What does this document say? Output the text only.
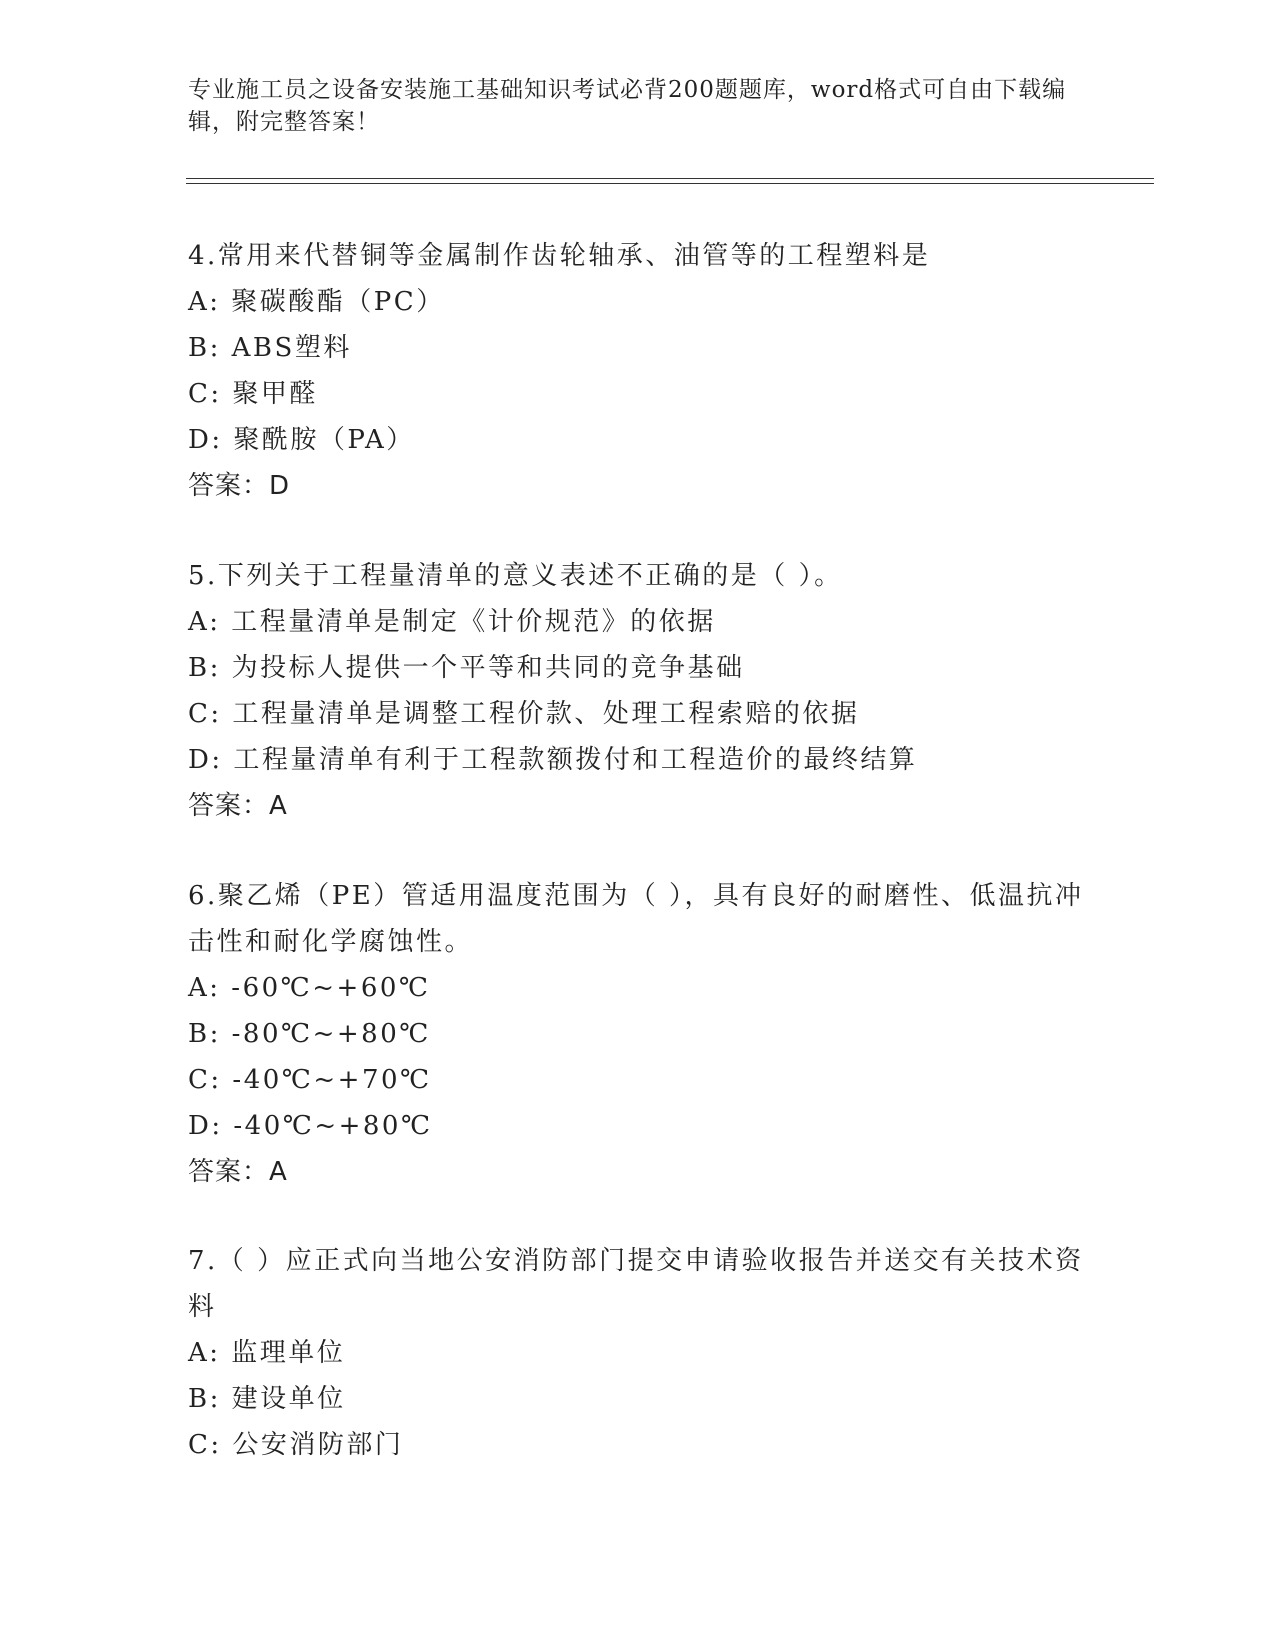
专业施工员之设备安装施工基础知识考试必背200题题库，word格式可自由下载编辑，附完整答案！

4.常用来代替铜等金属制作齿轮轴承、油管等的工程塑料是

A: 聚碳酸酯（PC）

B: ABS塑料

C: 聚甲醛

D: 聚酰胺（PA）

答案：D

5.下列关于工程量清单的意义表述不正确的是（ ）。

A: 工程量清单是制定《计价规范》的依据

B: 为投标人提供一个平等和共同的竞争基础

C: 工程量清单是调整工程价款、处理工程索赔的依据

D: 工程量清单有利于工程款额拨付和工程造价的最终结算

答案：A

6.聚乙烯（PE）管适用温度范围为（ ），具有良好的耐磨性、低温抗冲击性和耐化学腐蚀性。

A: -60℃~+60℃

B: -80℃~+80℃

C: -40℃~+70℃

D: -40℃~+80℃

答案：A

7.（ ）应正式向当地公安消防部门提交申请验收报告并送交有关技术资料

A: 监理单位

B: 建设单位

C: 公安消防部门
